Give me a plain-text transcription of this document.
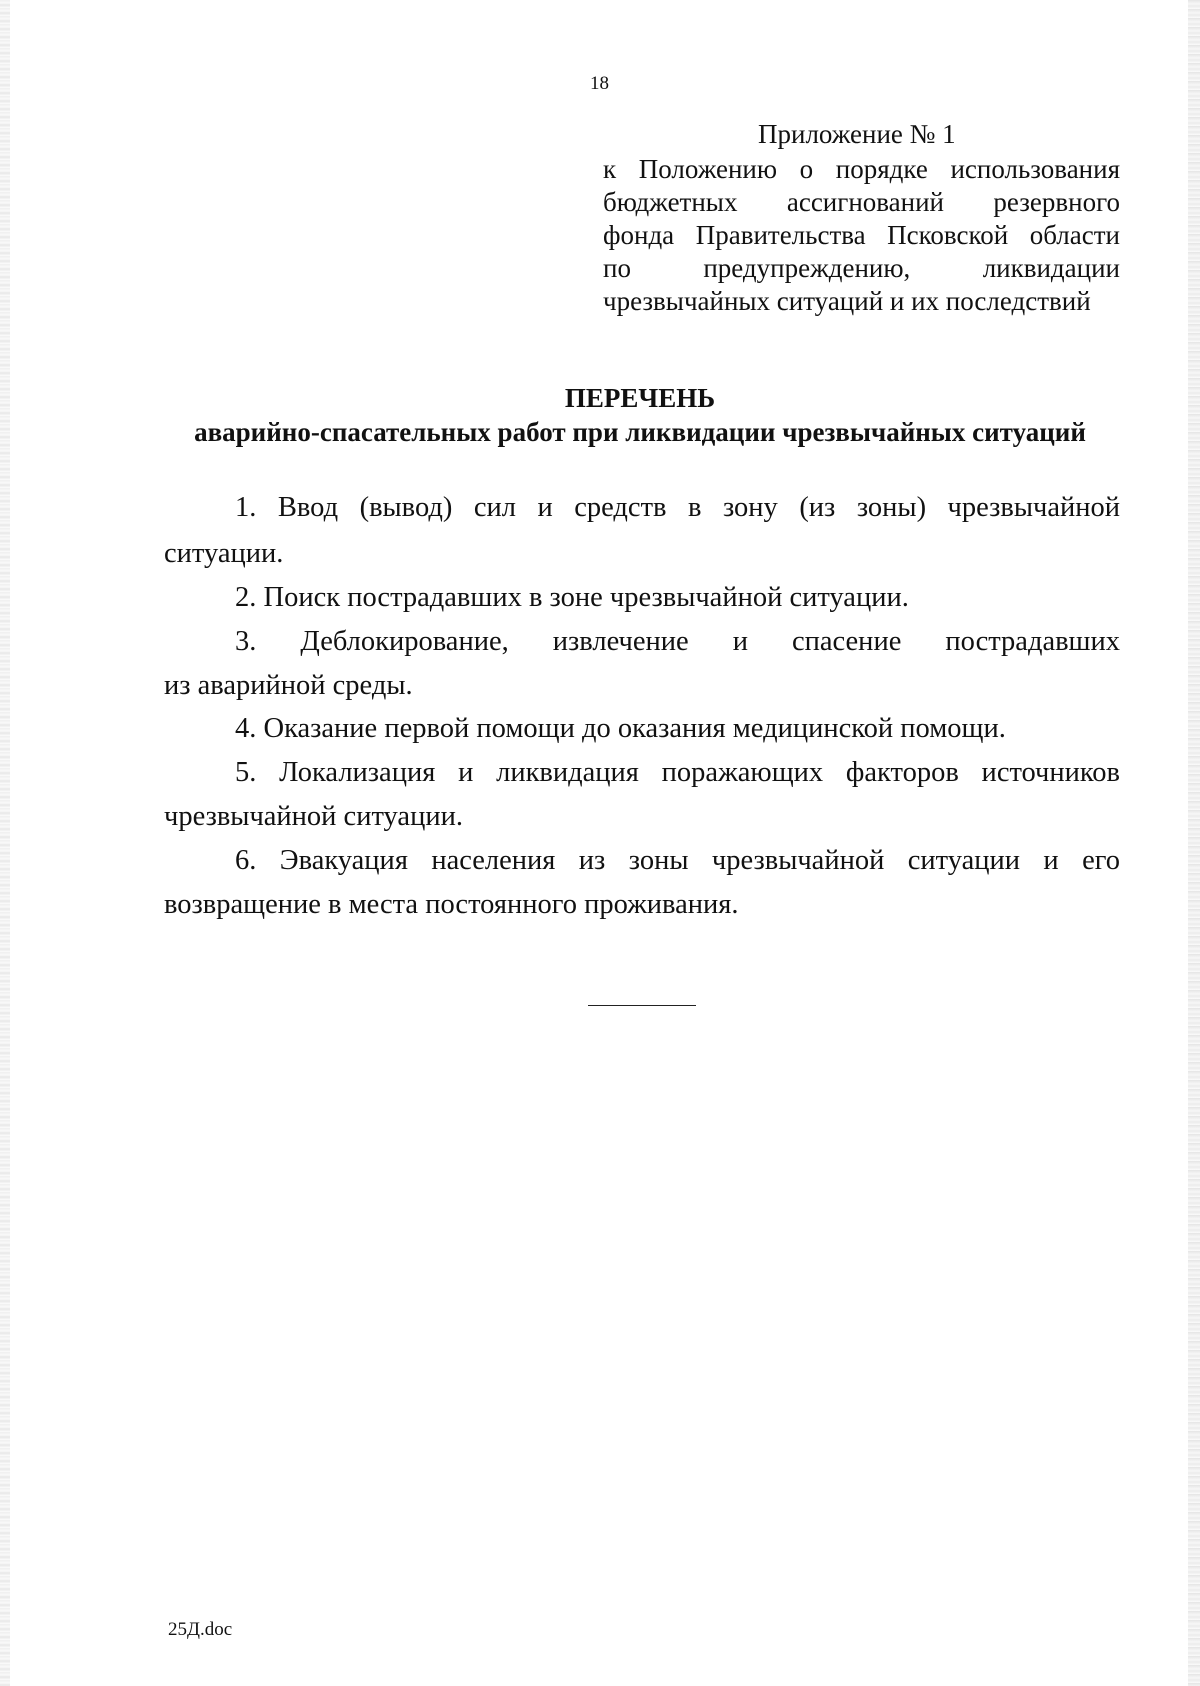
18
Приложение № 1
к Положению о порядке использования
бюджетных ассигнований резервного
фонда Правительства Псковской области
по предупреждению, ликвидации
чрезвычайных ситуаций и их последствий
ПЕРЕЧЕНЬ
аварийно-спасательных работ при ликвидации чрезвычайных ситуаций
1. Ввод (вывод) сил и средств в зону (из зоны) чрезвычайной
ситуации.
2. Поиск пострадавших в зоне чрезвычайной ситуации.
3. Деблокирование, извлечение и спасение пострадавших
из аварийной среды.
4. Оказание первой помощи до оказания медицинской помощи.
5. Локализация и ликвидация поражающих факторов источников
чрезвычайной ситуации.
6. Эвакуация населения из зоны чрезвычайной ситуации и его
возвращение в места постоянного проживания.
25Д.doc
